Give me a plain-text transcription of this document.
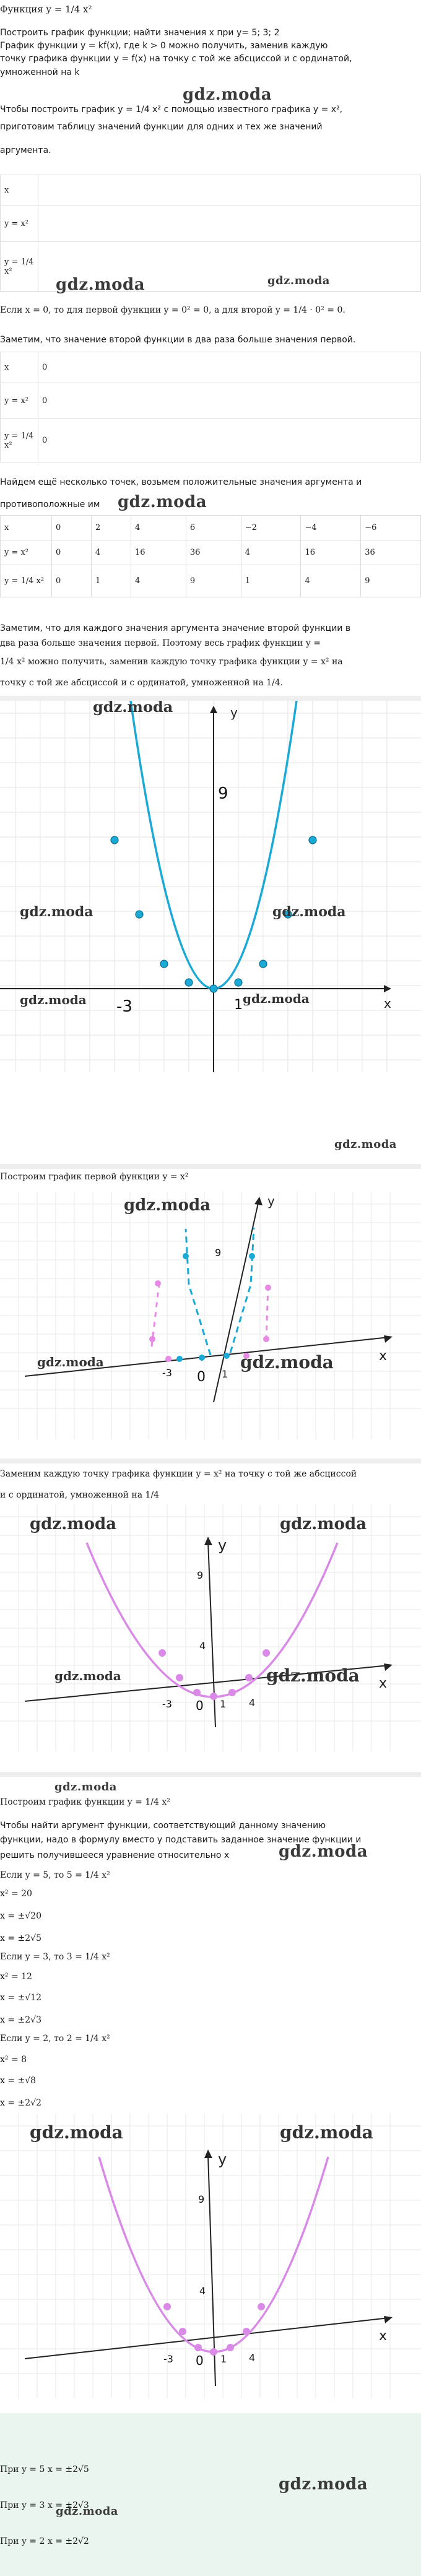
Функция y = 1/4 x²
Построить график функции; найти значения x при y= 5; 3; 2
График функции y = kf(x), где k > 0 можно получить, заменив каждую
точку графика функции y = f(x) на точку с той же абсциссой и с ординатой,
умноженной на k
Чтобы построить график y = 1/4 x² с помощью известного графика y = x²,
приготовим таблицу значений функции для одних и тех же значений
аргумента.
gdz.moda
x	
y = x²	
y = 1/4 x²	
gdz.moda	gdz.moda
Если x = 0, то для первой функции y = 0² = 0, а для второй y = 1/4 · 0² = 0.
Заметим, что значение второй функции в два раза больше значения первой.
x	0
y = x²	0
y = 1/4 x²	0
Найдем ещё несколько точек, возьмем положительные значения аргумента и
противоположные им gdz.moda
x	0	2	4	6	−2	−4	−6
y = x²	0	4	16	36	4	16	36
y = 1/4 x²	0	1	4	9	1	4	9
Заметим, что для каждого значения аргумента значение второй функции в
два раза больше значения первой. Поэтому весь график функции y =
1/4 x² можно получить, заменив каждую точку графика функции y = x² на
точку с той же абсциссой и с ординатой, умноженной на 1/4.
y
x
9
-3	1
gdz.moda
gdz.moda	gdz.moda
gdz.moda	gdz.moda
gdz.moda
Построим график первой функции y = x²
y
x
9
-3 0 1
gdz.moda
gdz.moda	gdz.moda
Заменим каждую точку графика функции y = x² на точку с той же абсциссой
и с ординатой, умноженной на 1/4
y
x
9
4
-3 0 1 4
gdz.moda	gdz.moda
gdz.moda	gdz.moda
gdz.moda
Построим график функции y = 1/4 x²
Чтобы найти аргумент функции, соответствующий данному значению
функции, надо в формулу вместо y подставить заданное значение функции и
решить получившееся уравнение относительно x	gdz.moda
Если y = 5, то 5 = 1/4 x²
x² = 20
x = ±√20
x = ±2√5
Если y = 3, то 3 = 1/4 x²
x² = 12
x = ±√12
x = ±2√3
Если y = 2, то 2 = 1/4 x²
x² = 8
x = ±√8
x = ±2√2
y
x
9
4
-3 0 1 4
gdz.moda	gdz.moda
При y = 5 x = ±2√5
При y = 3 x = ±2√3
При y = 2 x = ±2√2
gdz.moda
gdz.moda
